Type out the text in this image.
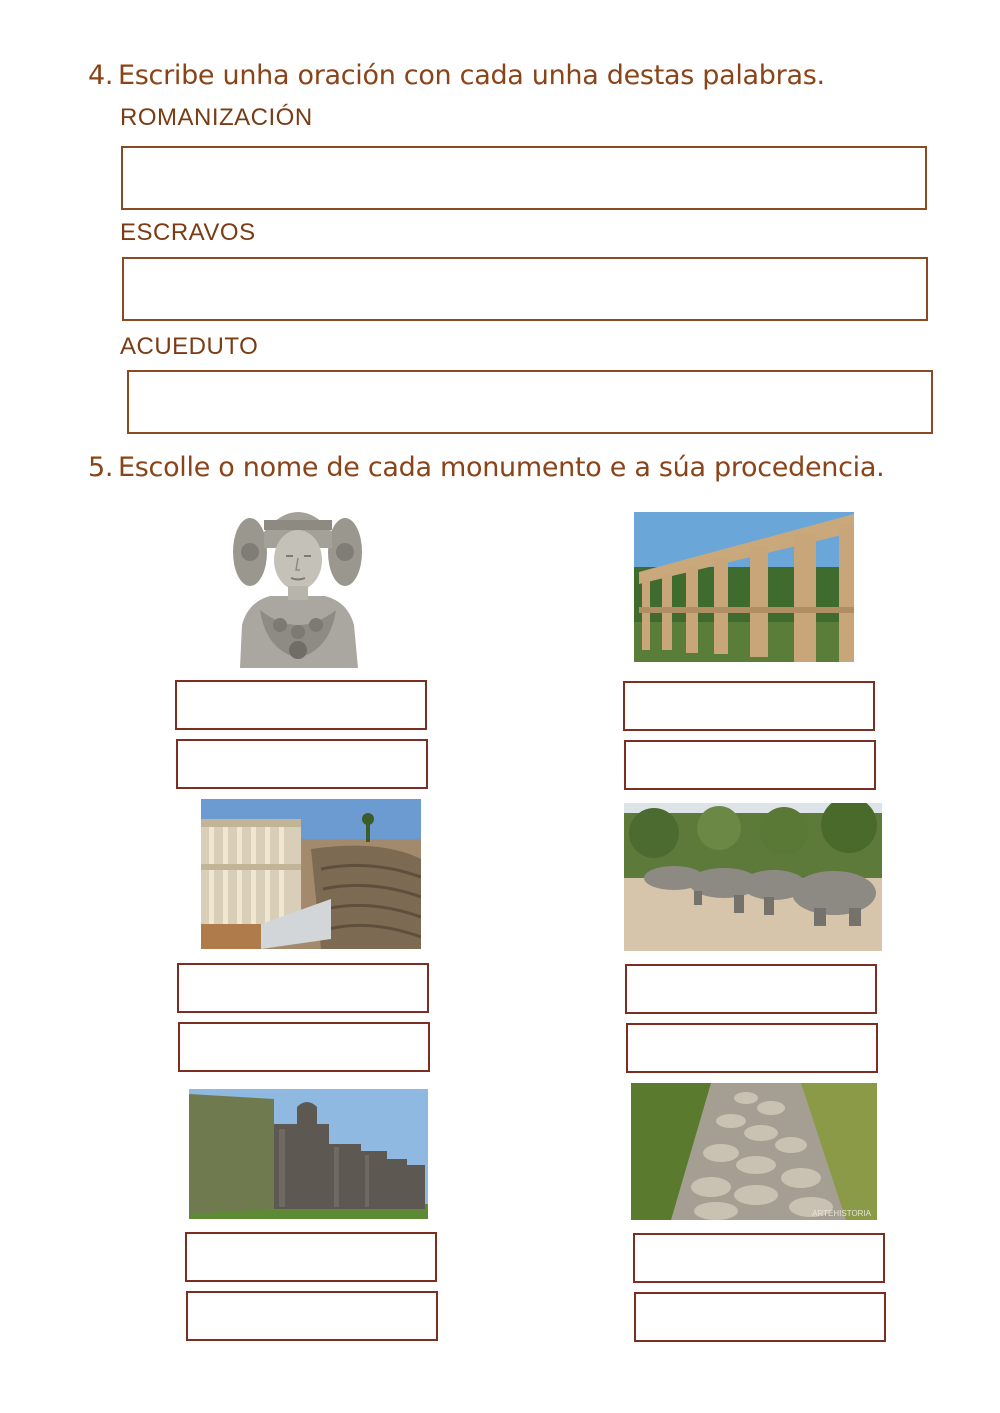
4. Escribe unha oración con cada unha destas palabras.
ROMANIZACIÓN
ESCRAVOS
ACUEDUTO
5. Escolle o nome de cada monumento e a súa procedencia.
ARTEHISTORIA
